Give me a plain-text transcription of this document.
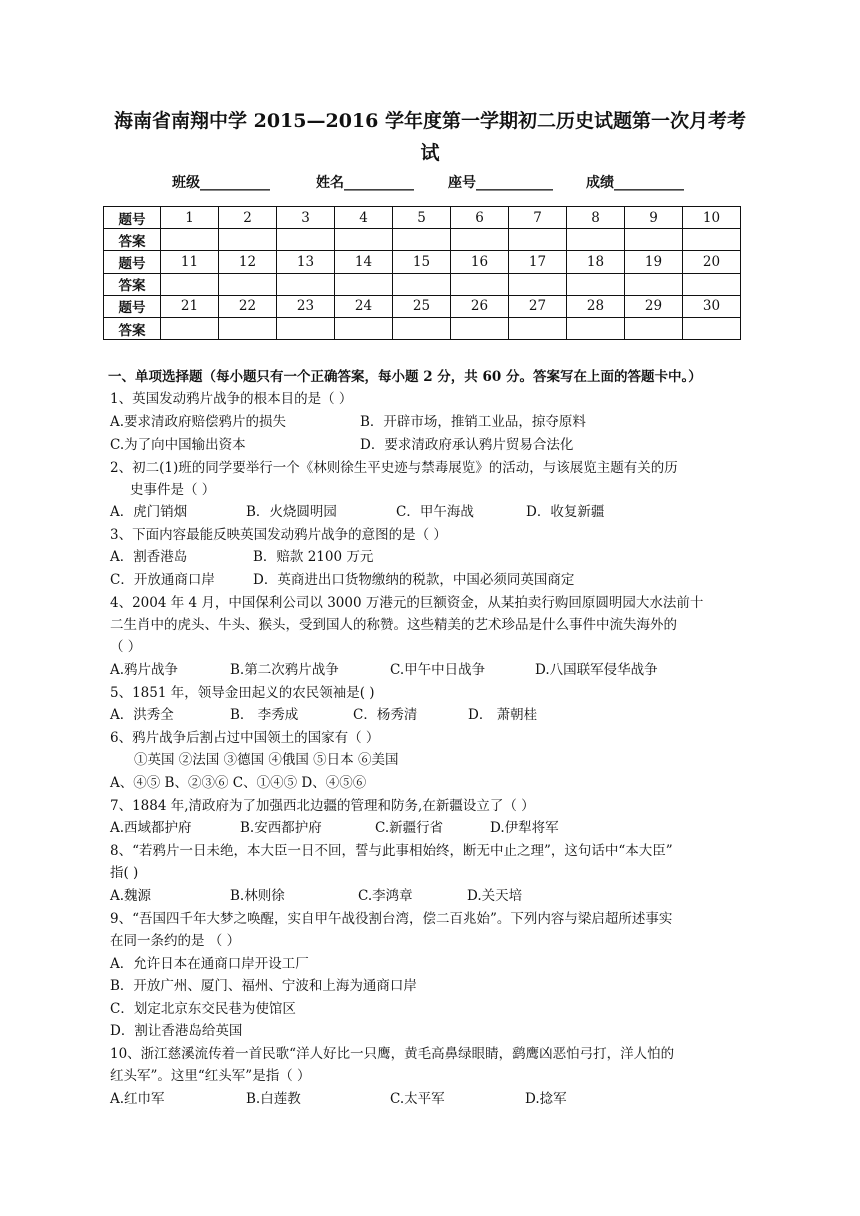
海南省南翔中学 2015—2016 学年度第一学期初二历史试题第一次月考考
试
班级__________	姓名__________ 座号___________ 成绩__________
题号	1	2	3	4	5	6	7	8	9	10
答案										
题号	11	12	13	14	15	16	17	18	19	20
答案										
题号	21	22	23	24	25	26	27	28	29	30
答案										
一、单项选择题（每小题只有一个正确答案，每小题 2 分，共 60 分。答案写在上面的答题卡中。）
1、英国发动鸦片战争的根本目的是（ ）
A.要求清政府赔偿鸦片的损失	B．开辟市场，推销工业品，掠夺原料
C.为了向中国输出资本	D．要求清政府承认鸦片贸易合法化
2、初二(1)班的同学要举行一个《林则徐生平史迹与禁毒展览》的活动，与该展览主题有关的历
史事件是（ ）
A．虎门销烟	B．火烧圆明园	C．甲午海战	D．收复新疆
3、下面内容最能反映英国发动鸦片战争的意图的是（ ）
A．割香港岛	B．赔款 2100 万元
C．开放通商口岸	D．英商进出口货物缴纳的税款，中国必须同英国商定
4、2004 年 4 月，中国保利公司以 3000 万港元的巨额资金，从某拍卖行购回原圆明园大水法前十
二生肖中的虎头、牛头、猴头，受到国人的称赞。这些精美的艺术珍品是什么事件中流失海外的
（ ）
A.鸦片战争	B.第二次鸦片战争	C.甲午中日战争	D.八国联军侵华战争
5、1851 年，领导金田起义的农民领袖是( )
A．洪秀全	B． 李秀成	C．杨秀清	D． 萧朝桂
6、鸦片战争后割占过中国领土的国家有（ ）
①英国 ②法国 ③德国 ④俄国 ⑤日本 ⑥美国
A、④⑤ B、②③⑥ C、①④⑤ D、④⑤⑥
7、1884 年,清政府为了加强西北边疆的管理和防务,在新疆设立了（ ）
A.西域都护府	B.安西都护府	C.新疆行省	D.伊犁将军
8、“若鸦片一日未绝，本大臣一日不回，誓与此事相始终，断无中止之理”，这句话中“本大臣”
指( )
A.魏源	B.林则徐	C.李鸿章	D.关天培
9、“吾国四千年大梦之唤醒，实自甲午战役割台湾，偿二百兆始”。下列内容与梁启超所述事实
在同一条约的是 （ ）
A．允许日本在通商口岸开设工厂
B．开放广州、厦门、福州、宁波和上海为通商口岸
C．划定北京东交民巷为使馆区
D．割让香港岛给英国
10、浙江慈溪流传着一首民歌“洋人好比一只鹰，黄毛高鼻绿眼睛，鹞鹰凶恶怕弓打，洋人怕的
红头军”。这里“红头军”是指（ ）
A.红巾军	B.白莲教	C.太平军	D.捻军
